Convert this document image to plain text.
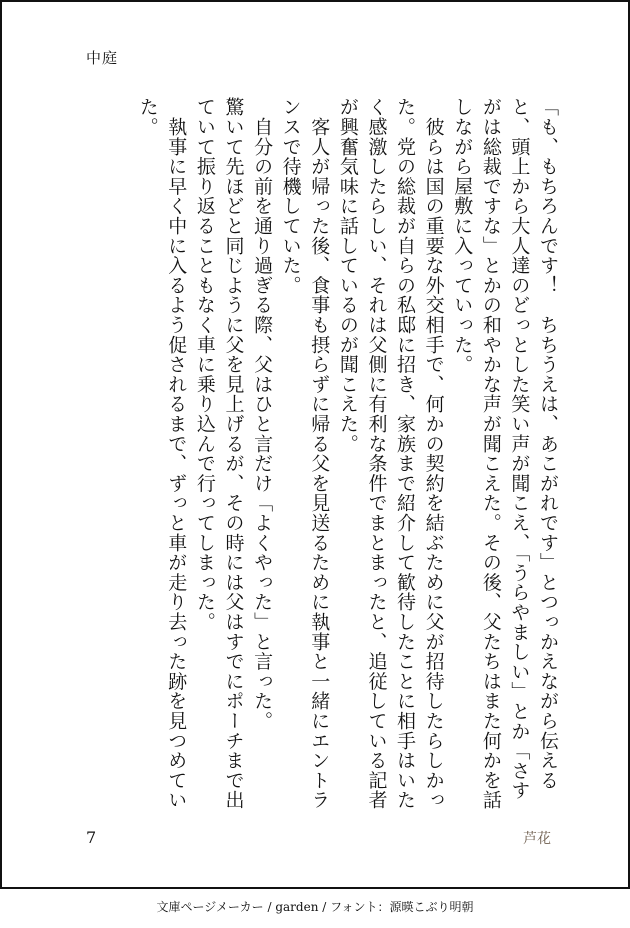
中庭

「も、もちろんです！　ちちうえは、あこがれです」とつっかえながら伝えると、頭上から大人達のどっとした笑い声が聞こえ、「うらやましい」とか「さすがは総裁ですな」とかの和やかな声が聞こえた。その後、父たちはまた何かを話しながら屋敷に入っていった。

　彼らは国の重要な外交相手で、何かの契約を結ぶために父が招待したらしかった。党の総裁が自らの私邸に招き、家族まで紹介して歓待したことに相手はいたく感激したらしい、それは父側に有利な条件でまとまったと、追従している記者が興奮気味に話しているのが聞こえた。

　客人が帰った後、食事も摂らずに帰る父を見送るために執事と一緒にエントランスで待機していた。

　自分の前を通り過ぎる際、父はひと言だけ「よくやった」と言った。

驚いて先ほどと同じように父を見上げるが、その時には父はすでにポーチまで出ていて振り返ることもなく車に乗り込んで行ってしまった。

　執事に早く中に入るよう促されるまで、ずっと車が走り去った跡を見つめていた。

7	芦花
文庫ページメーカー / garden / フォント：源暎こぶり明朝
